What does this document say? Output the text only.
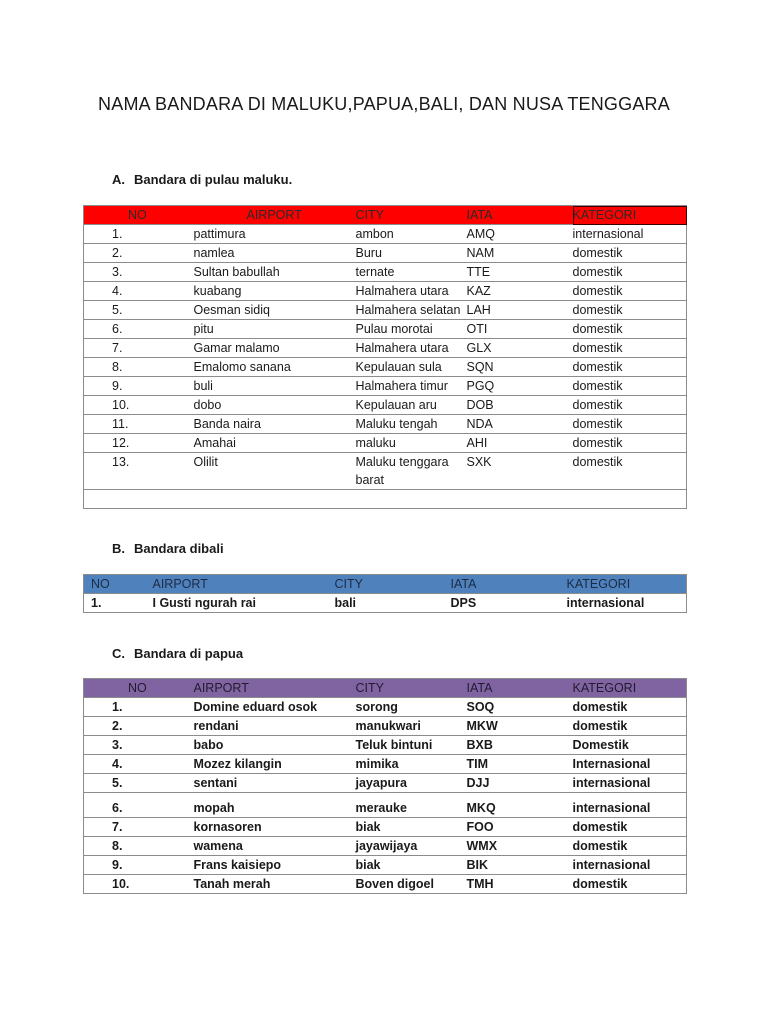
NAMA BANDARA DI MALUKU,PAPUA,BALI, DAN NUSA TENGGARA
A. Bandara di pulau maluku.
NO	AIRPORT	CITY	IATA	KATEGORI
1.	pattimura	ambon	AMQ	internasional
2.	namlea	Buru	NAM	domestik
3.	Sultan babullah	ternate	TTE	domestik
4.	kuabang	Halmahera utara	KAZ	domestik
5.	Oesman sidiq	Halmahera selatan	LAH	domestik
6.	pitu	Pulau morotai	OTI	domestik
7.	Gamar malamo	Halmahera utara	GLX	domestik
8.	Emalomo sanana	Kepulauan sula	SQN	domestik
9.	buli	Halmahera timur	PGQ	domestik
10.	dobo	Kepulauan aru	DOB	domestik
11.	Banda naira	Maluku tengah	NDA	domestik
12.	Amahai	maluku	AHI	domestik
13.	Olilit	Maluku tenggara barat	SXK	domestik

B. Bandara dibali
NO	AIRPORT	CITY	IATA	KATEGORI
1.	I Gusti ngurah rai	bali	DPS	internasional
C. Bandara di papua
NO	AIRPORT	CITY	IATA	KATEGORI
1.	Domine eduard osok	sorong	SOQ	domestik
2.	rendani	manukwari	MKW	domestik
3.	babo	Teluk bintuni	BXB	Domestik
4.	Mozez kilangin	mimika	TIM	Internasional
5.	sentani	jayapura	DJJ	internasional
6.	mopah	merauke	MKQ	internasional
7.	kornasoren	biak	FOO	domestik
8.	wamena	jayawijaya	WMX	domestik
9.	Frans kaisiepo	biak	BIK	internasional
10.	Tanah merah	Boven digoel	TMH	domestik
